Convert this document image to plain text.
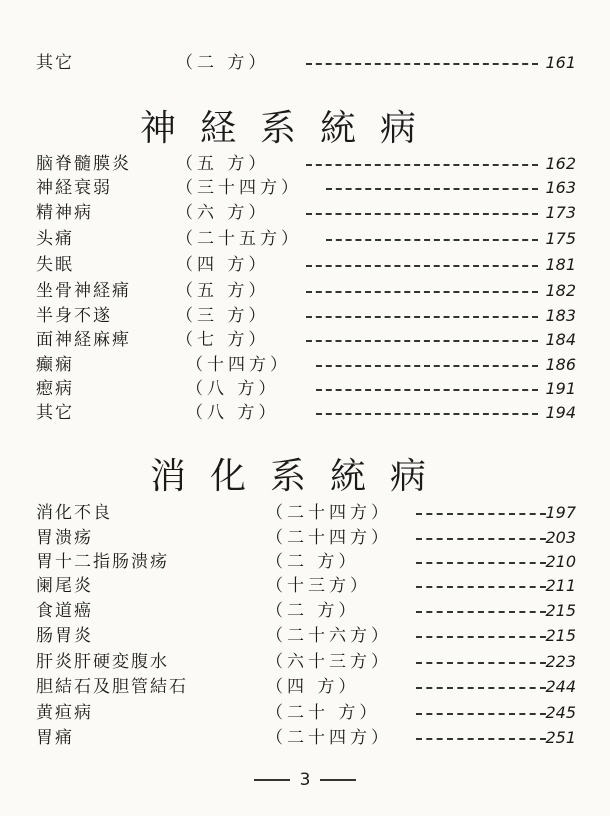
其它	（二 方）	161
神経系統病
脑脊髓膜炎	（五 方）	162
神経衰弱	（三十四方）	163
精神病	（六 方）	173
头痛	（二十五方）	175
失眠	（四 方）	181
坐骨神経痛	（五 方）	182
半身不遂	（三 方）	183
面神経麻痺	（七 方）	184
癫痫	（十四方）	186
瘛病	（八 方）	191
其它	（八 方）	194
消化系統病
消化不良	（二十四方）	197
胃溃疡	（二十四方）	203
胃十二指肠溃疡	（二 方）	210
阑尾炎	（十三方）	211
食道癌	（二 方）	215
肠胃炎	（二十六方）	215
肝炎肝硬変腹水	（六十三方）	223
胆結石及胆管結石	（四 方）	244
黄疸病	（二十 方）	245
胃痛	（二十四方）	251
3
